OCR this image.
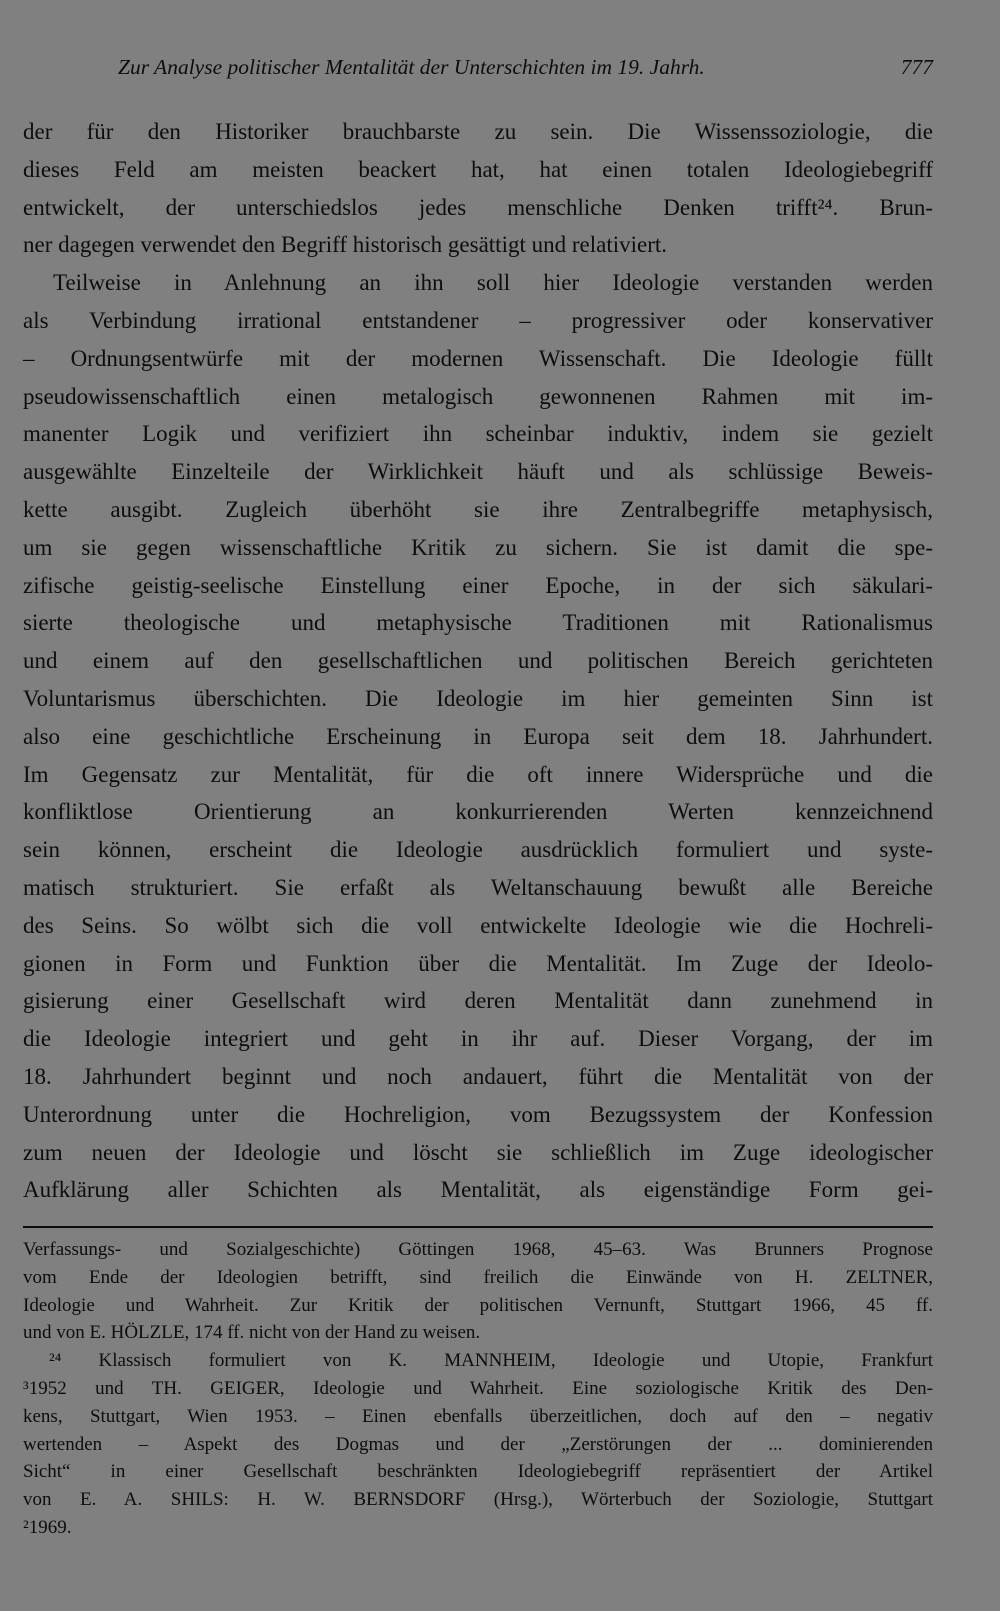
Zur Analyse politischer Mentalität der Unterschichten im 19. Jahrh.	777
der für den Historiker brauchbarste zu sein. Die Wissenssoziologie, die
dieses Feld am meisten beackert hat, hat einen totalen Ideologiebegriff
entwickelt, der unterschiedslos jedes menschliche Denken trifft²⁴. Brun-
ner dagegen verwendet den Begriff historisch gesättigt und relativiert.
Teilweise in Anlehnung an ihn soll hier Ideologie verstanden werden
als Verbindung irrational entstandener – progressiver oder konservativer
– Ordnungsentwürfe mit der modernen Wissenschaft. Die Ideologie füllt
pseudowissenschaftlich einen metalogisch gewonnenen Rahmen mit im-
manenter Logik und verifiziert ihn scheinbar induktiv, indem sie gezielt
ausgewählte Einzelteile der Wirklichkeit häuft und als schlüssige Beweis-
kette ausgibt. Zugleich überhöht sie ihre Zentralbegriffe metaphysisch,
um sie gegen wissenschaftliche Kritik zu sichern. Sie ist damit die spe-
zifische geistig-seelische Einstellung einer Epoche, in der sich säkulari-
sierte theologische und metaphysische Traditionen mit Rationalismus
und einem auf den gesellschaftlichen und politischen Bereich gerichteten
Voluntarismus überschichten. Die Ideologie im hier gemeinten Sinn ist
also eine geschichtliche Erscheinung in Europa seit dem 18. Jahrhundert.
Im Gegensatz zur Mentalität, für die oft innere Widersprüche und die
konfliktlose Orientierung an konkurrierenden Werten kennzeichnend
sein können, erscheint die Ideologie ausdrücklich formuliert und syste-
matisch strukturiert. Sie erfaßt als Weltanschauung bewußt alle Bereiche
des Seins. So wölbt sich die voll entwickelte Ideologie wie die Hochreli-
gionen in Form und Funktion über die Mentalität. Im Zuge der Ideolo-
gisierung einer Gesellschaft wird deren Mentalität dann zunehmend in
die Ideologie integriert und geht in ihr auf. Dieser Vorgang, der im
18. Jahrhundert beginnt und noch andauert, führt die Mentalität von der
Unterordnung unter die Hochreligion, vom Bezugssystem der Konfession
zum neuen der Ideologie und löscht sie schließlich im Zuge ideologischer
Aufklärung aller Schichten als Mentalität, als eigenständige Form gei-
Verfassungs- und Sozialgeschichte) Göttingen 1968, 45–63. Was Brunners Prognose
vom Ende der Ideologien betrifft, sind freilich die Einwände von H. ZELTNER,
Ideologie und Wahrheit. Zur Kritik der politischen Vernunft, Stuttgart 1966, 45 ff.
und von E. HÖLZLE, 174 ff. nicht von der Hand zu weisen.
²⁴ Klassisch formuliert von K. MANNHEIM, Ideologie und Utopie, Frankfurt
³1952 und TH. GEIGER, Ideologie und Wahrheit. Eine soziologische Kritik des Den-
kens, Stuttgart, Wien 1953. – Einen ebenfalls überzeitlichen, doch auf den – negativ
wertenden – Aspekt des Dogmas und der „Zerstörungen der ... dominierenden
Sicht“ in einer Gesellschaft beschränkten Ideologiebegriff repräsentiert der Artikel
von E. A. SHILS: H. W. BERNSDORF (Hrsg.), Wörterbuch der Soziologie, Stuttgart
²1969.
